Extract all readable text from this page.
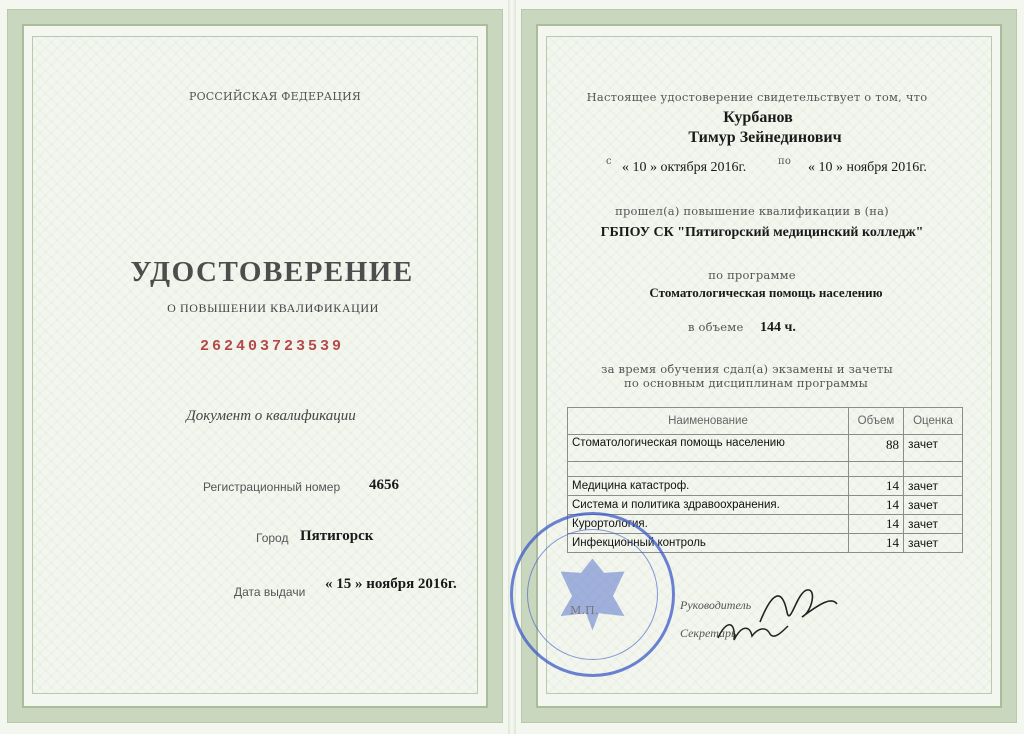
РОССИЙСКАЯ ФЕДЕРАЦИЯ
УДОСТОВЕРЕНИЕ
О ПОВЫШЕНИИ КВАЛИФИКАЦИИ
262403723539
Документ о квалификации
Регистрационный номер 4656
Город Пятигорск
Дата выдачи « 15 » ноября 2016г.
Настоящее удостоверение свидетельствует о том, что
Курбанов
Тимур Зейнединович
с « 10 » октября 2016г.	по « 10 » ноября 2016г.
прошел(а) повышение квалификации в (на)
ГБПОУ СК "Пятигорский медицинский колледж"
по программе
Стоматологическая помощь населению
в объеме 144 ч.
за время обучения сдал(а) экзамены и зачеты
по основным дисциплинам программы
Наименование	Объем	Оценка
Стоматологическая помощь населению	88	зачет

Медицина катастроф.	14	зачет
Система и политика здравоохранения.	14	зачет
Курортология.	14	зачет
Инфекционный контроль	14	зачет
М.П.	Руководитель
Секретарь
